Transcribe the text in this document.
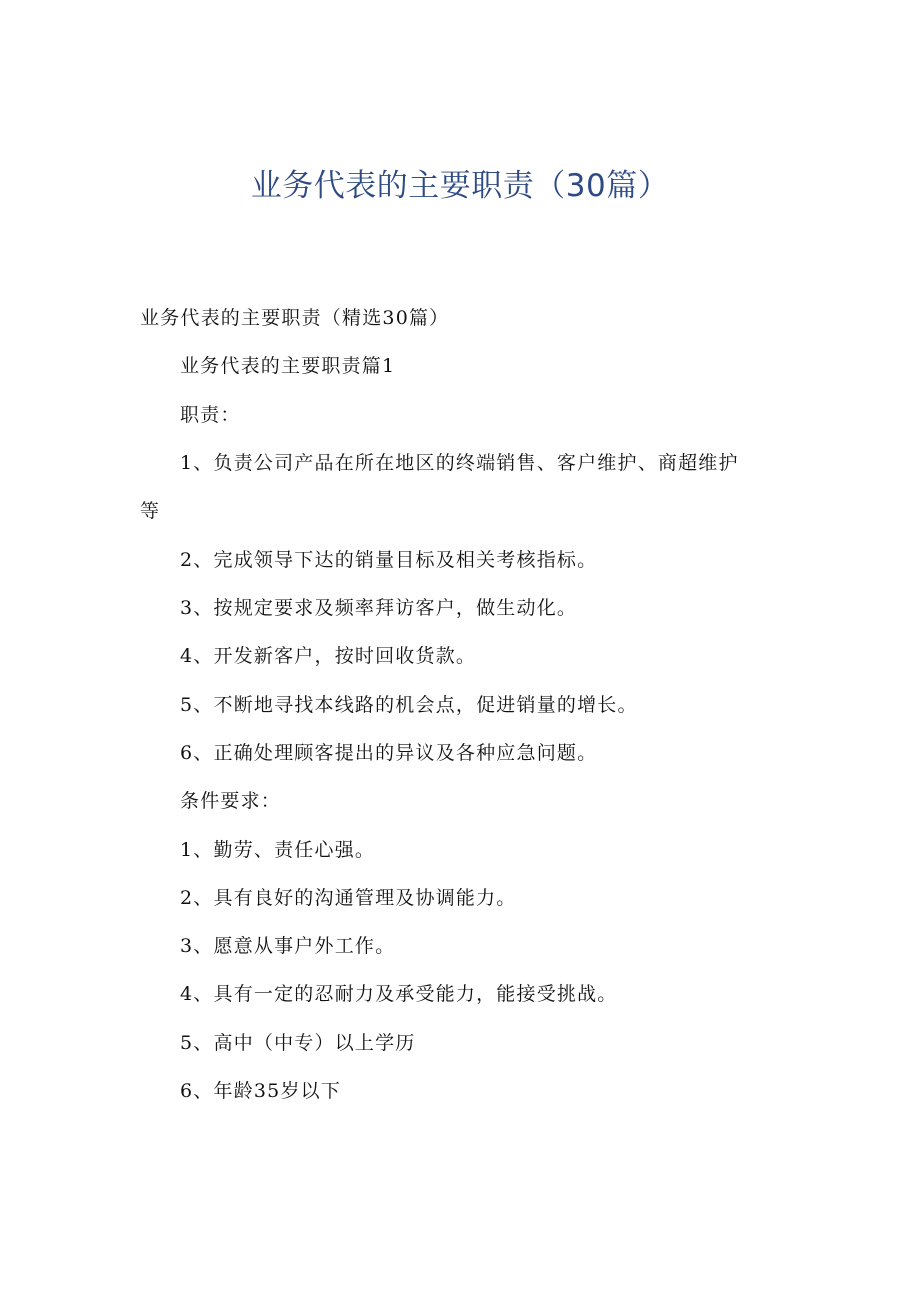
业务代表的主要职责（30篇）

业务代表的主要职责（精选30篇）

业务代表的主要职责篇1

职责：

1、负责公司产品在所在地区的终端销售、客户维护、商超维护
等

2、完成领导下达的销量目标及相关考核指标。

3、按规定要求及频率拜访客户，做生动化。

4、开发新客户，按时回收货款。

5、不断地寻找本线路的机会点，促进销量的增长。

6、正确处理顾客提出的异议及各种应急问题。

条件要求：

1、勤劳、责任心强。

2、具有良好的沟通管理及协调能力。

3、愿意从事户外工作。

4、具有一定的忍耐力及承受能力，能接受挑战。

5、高中（中专）以上学历

6、年龄35岁以下
